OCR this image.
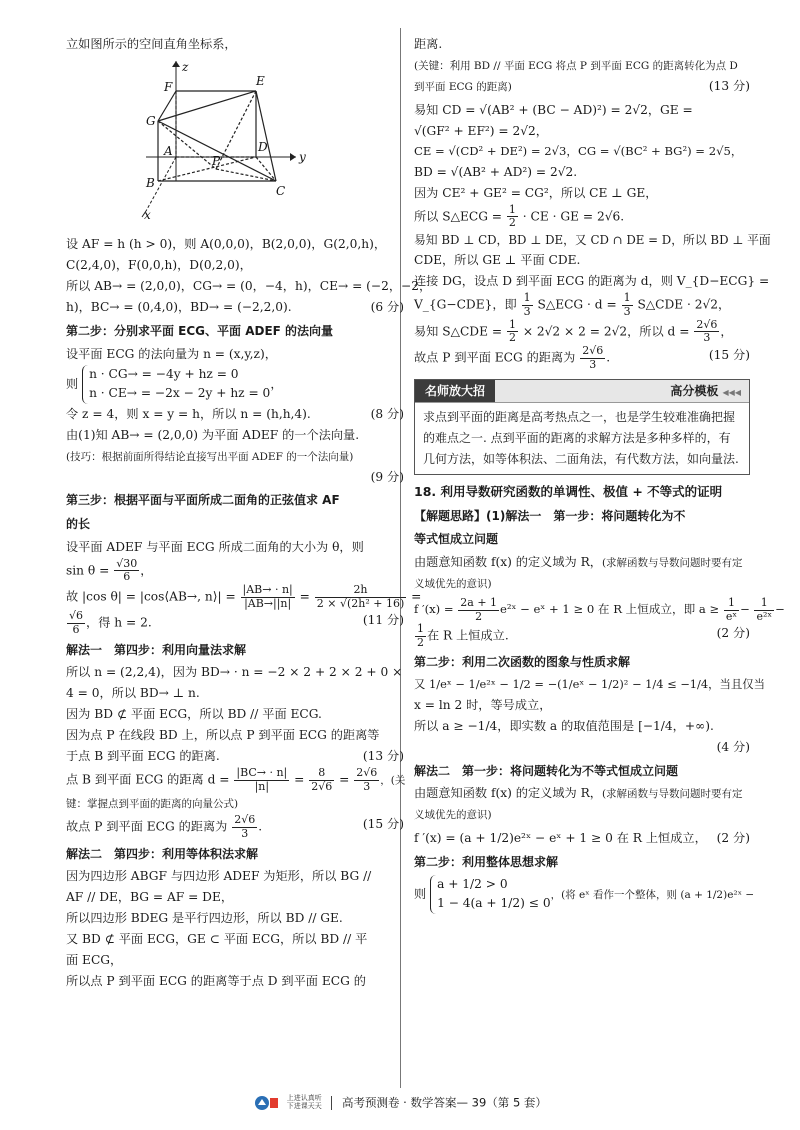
立如图所示的空间直角坐标系，

z
y
x
F	E
G
A	D
P
B
C

设 AF = h (h > 0)，则 A(0,0,0)，B(2,0,0)，G(2,0,h)，

C(2,4,0)，F(0,0,h)，D(0,2,0)，

所以 AB→ = (2,0,0)，CG→ = (0，−4，h)，CE→ = (−2，−2，

h)，BC→ = (0,4,0)，BD→ = (−2,2,0).	(6 分)

第二步：分别求平面 ECG、平面 ADEF 的法向量

设平面 ECG 的法向量为 n = (x,y,z)，

则
n · CG→ = −4y + hz = 0
n · CE→ = −2x − 2y + hz = 0
，

令 z = 4，则 x = y = h，所以 n = (h,h,4).	(8 分)

由(1)知 AB→ = (2,0,0) 为平面 ADEF 的一个法向量.

(技巧：根据前面所得结论直接写出平面 ADEF 的一个法向量)

(9 分)

第三步：根据平面与平面所成二面角的正弦值求 AF

的长

设平面 ADEF 与平面 ECG 所成二面角的大小为 θ，则

$\sin \theta = \frac{√30}{6}$ ，

故 |cos θ| = |cos⟨AB→, n⟩| = $\frac{|AB\to \cdot n|}{|AB\to||n|} = \frac{2h}{\text{2 × √(2h² + 16)}}$ =

$\frac{√6}{6}$ ，得 h = 2.	(11 分)

解法一　第四步：利用向量法求解

所以 n = (2,2,4)，因为 BD→ · n = −2 × 2 + 2 × 2 + 0 ×

4 = 0，所以 BD→ ⊥ n.

因为 BD ⊄ 平面 ECG，所以 BD // 平面 ECG.

因为点 P 在线段 BD 上，所以点 P 到平面 ECG 的距离等

于点 B 到平面 ECG 的距离.	(13 分)

点 B 到平面 ECG 的距离 $d = \frac{|BC\to \cdot n|}{|n|} = \frac{8}{2√6} = \frac{2√6}{3}$ ，(关

键：掌握点到平面的距离的向量公式)

故点 P 到平面 ECG 的距离为 $\frac{2√6}{3}$ .	(15 分)

解法二　第四步：利用等体积法求解

因为四边形 ABGF 与四边形 ADEF 为矩形，所以 BG //

AF // DE，BG = AF = DE，

所以四边形 BDEG 是平行四边形，所以 BD // GE.

又 BD ⊄ 平面 ECG，GE ⊂ 平面 ECG，所以 BD // 平

面 ECG，

所以点 P 到平面 ECG 的距离等于点 D 到平面 ECG 的

距离.

(关键：利用 BD // 平面 ECG 将点 P 到平面 ECG 的距离转化为点 D 到平面 ECG 的距离)	(13 分)

易知 CD = √(AB² + (BC − AD)²) = 2√2，GE =

√(GF² + EF²) = 2√2，

CE = √(CD² + DE²) = 2√3，CG = √(BC² + BG²) = 2√5，

BD = √(AB² + AD²) = 2√2.

因为 CE² + GE² = CG²，所以 CE ⊥ GE，

所以 S△ECG = $\frac{1}{2}$ · CE · GE = 2√6.

易知 BD ⊥ CD，BD ⊥ DE，又 CD ∩ DE = D，所以 BD ⊥ 平面

CDE，所以 GE ⊥ 平面 CDE.

连接 DG，设点 D 到平面 ECG 的距离为 d，则 V_{D−ECG} =

V_{G−CDE}，即 $\frac{1}{3}$ S△ECG · $d = \frac{1}{3}$ S△CDE · 2√2，

易知 S△CDE = $\frac{1}{2} \times 2√2 \times 2 = 2√2$，所以 $d = \frac{2√6}{3}$ ，

故点 P 到平面 ECG 的距离为 $\frac{2√6}{3}$ .	(15 分)

名师放大招	高分模板 ◀◀◀
求点到平面的距离是高考热点之一，也是学生较难准确把握的难点之一. 点到平面的距离的求解方法是多种多样的，有几何方法，如等体积法、二面角法，有代数方法，如向量法.

18. 利用导数研究函数的单调性、极值 + 不等式的证明

【解题思路】(1)解法一　第一步：将问题转化为不

等式恒成立问题

由题意知函数 f(x) 的定义域为 R，(求解函数与导数问题时要有定义域优先的意识)

f $'(x) = \frac{2a + 1}{2}$ e²ˣ − eˣ + 1 ≥ 0 在 R 上恒成立，即 $a \ge \frac{1}{\text{eˣ}} - \frac{1}{\text{e²ˣ}}$ −

$\frac{1}{2}$ 在 R 上恒成立.	(2 分)

第二步：利用二次函数的图象与性质求解

又 1/eˣ − 1/e²ˣ − 1/2 = −(1/eˣ − 1/2)² − 1/4 ≤ −1/4，当且仅当

x = ln 2 时，等号成立，

所以 a ≥ −1/4，即实数 a 的取值范围是 [−1/4，+∞).

(4 分)

解法二　第一步：将问题转化为不等式恒成立问题

由题意知函数 f(x) 的定义域为 R，(求解函数与导数问题时要有定义域优先的意识)

f ′(x) = (a + 1/2)e²ˣ − eˣ + 1 ≥ 0 在 R 上恒成立， (2 分)

第二步：利用整体思想求解

则
a + 1/2 > 0
1 − 4(a + 1/2) ≤ 0
，(将 eˣ 看作一个整体，则 (a + 1/2)e²ˣ −

上进认真听
下进课天天 高考预测卷 · 数学答案— 39（第 5 套）
